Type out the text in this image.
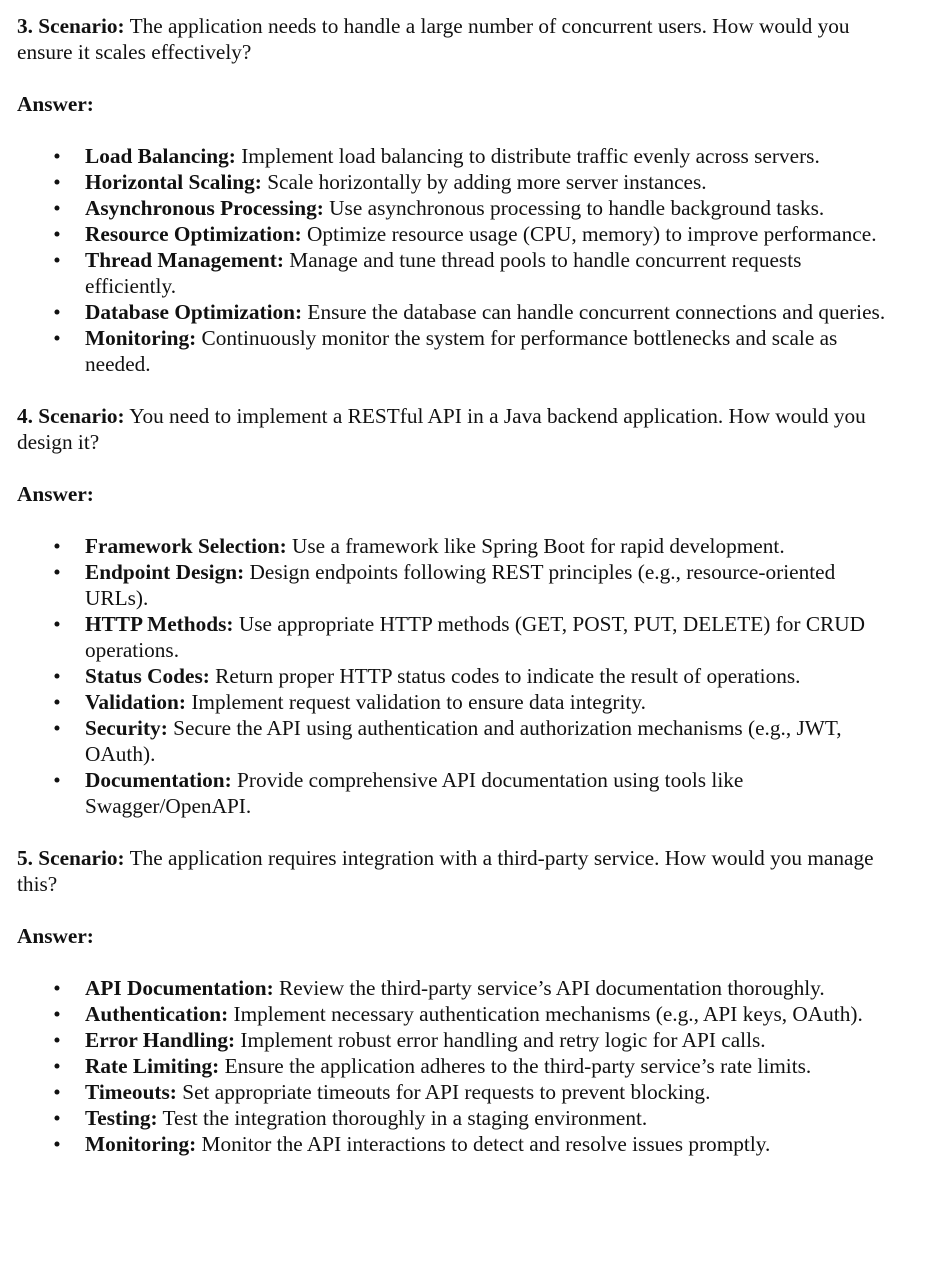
3. Scenario: The application needs to handle a large number of concurrent users. How would you ensure it scales effectively?

Answer:
• Load Balancing: Implement load balancing to distribute traffic evenly across servers.
• Horizontal Scaling: Scale horizontally by adding more server instances.
• Asynchronous Processing: Use asynchronous processing to handle background tasks.
• Resource Optimization: Optimize resource usage (CPU, memory) to improve performance.
• Thread Management: Manage and tune thread pools to handle concurrent requests efficiently.
• Database Optimization: Ensure the database can handle concurrent connections and queries.
• Monitoring: Continuously monitor the system for performance bottlenecks and scale as needed.

4. Scenario: You need to implement a RESTful API in a Java backend application. How would you design it?

Answer:
• Framework Selection: Use a framework like Spring Boot for rapid development.
• Endpoint Design: Design endpoints following REST principles (e.g., resource-oriented URLs).
• HTTP Methods: Use appropriate HTTP methods (GET, POST, PUT, DELETE) for CRUD operations.
• Status Codes: Return proper HTTP status codes to indicate the result of operations.
• Validation: Implement request validation to ensure data integrity.
• Security: Secure the API using authentication and authorization mechanisms (e.g., JWT, OAuth).
• Documentation: Provide comprehensive API documentation using tools like Swagger/OpenAPI.

5. Scenario: The application requires integration with a third-party service. How would you manage this?

Answer:
• API Documentation: Review the third-party service’s API documentation thoroughly.
• Authentication: Implement necessary authentication mechanisms (e.g., API keys, OAuth).
• Error Handling: Implement robust error handling and retry logic for API calls.
• Rate Limiting: Ensure the application adheres to the third-party service’s rate limits.
• Timeouts: Set appropriate timeouts for API requests to prevent blocking.
• Testing: Test the integration thoroughly in a staging environment.
• Monitoring: Monitor the API interactions to detect and resolve issues promptly.
